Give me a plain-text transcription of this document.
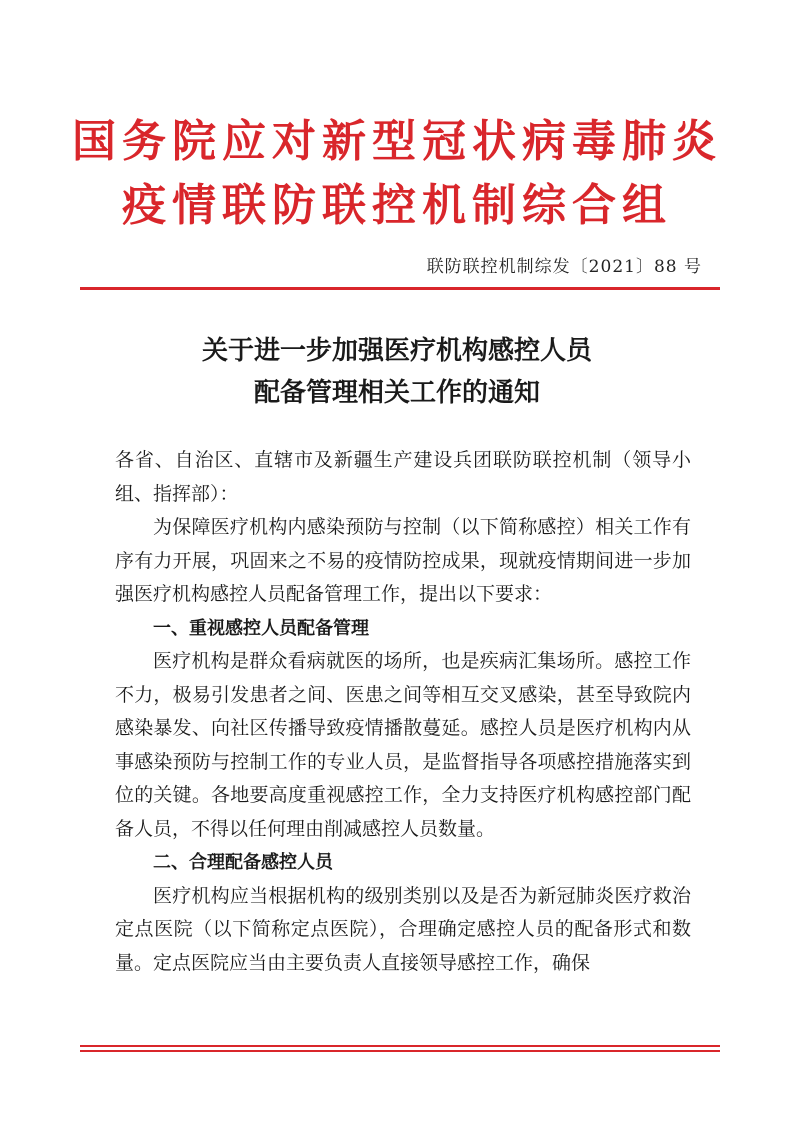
国务院应对新型冠状病毒肺炎
疫情联防联控机制综合组
联防联控机制综发〔2021〕88 号
关于进一步加强医疗机构感控人员
配备管理相关工作的通知

各省、自治区、直辖市及新疆生产建设兵团联防联控机制（领导小组、指挥部）：

为保障医疗机构内感染预防与控制（以下简称感控）相关工作有序有力开展，巩固来之不易的疫情防控成果，现就疫情期间进一步加强医疗机构感控人员配备管理工作，提出以下要求：

一、重视感控人员配备管理

医疗机构是群众看病就医的场所，也是疾病汇集场所。感控工作不力，极易引发患者之间、医患之间等相互交叉感染，甚至导致院内感染暴发、向社区传播导致疫情播散蔓延。感控人员是医疗机构内从事感染预防与控制工作的专业人员，是监督指导各项感控措施落实到位的关键。各地要高度重视感控工作，全力支持医疗机构感控部门配备人员，不得以任何理由削减感控人员数量。

二、合理配备感控人员

医疗机构应当根据机构的级别类别以及是否为新冠肺炎医疗救治定点医院（以下简称定点医院），合理确定感控人员的配备形式和数量。定点医院应当由主要负责人直接领导感控工作，确保
